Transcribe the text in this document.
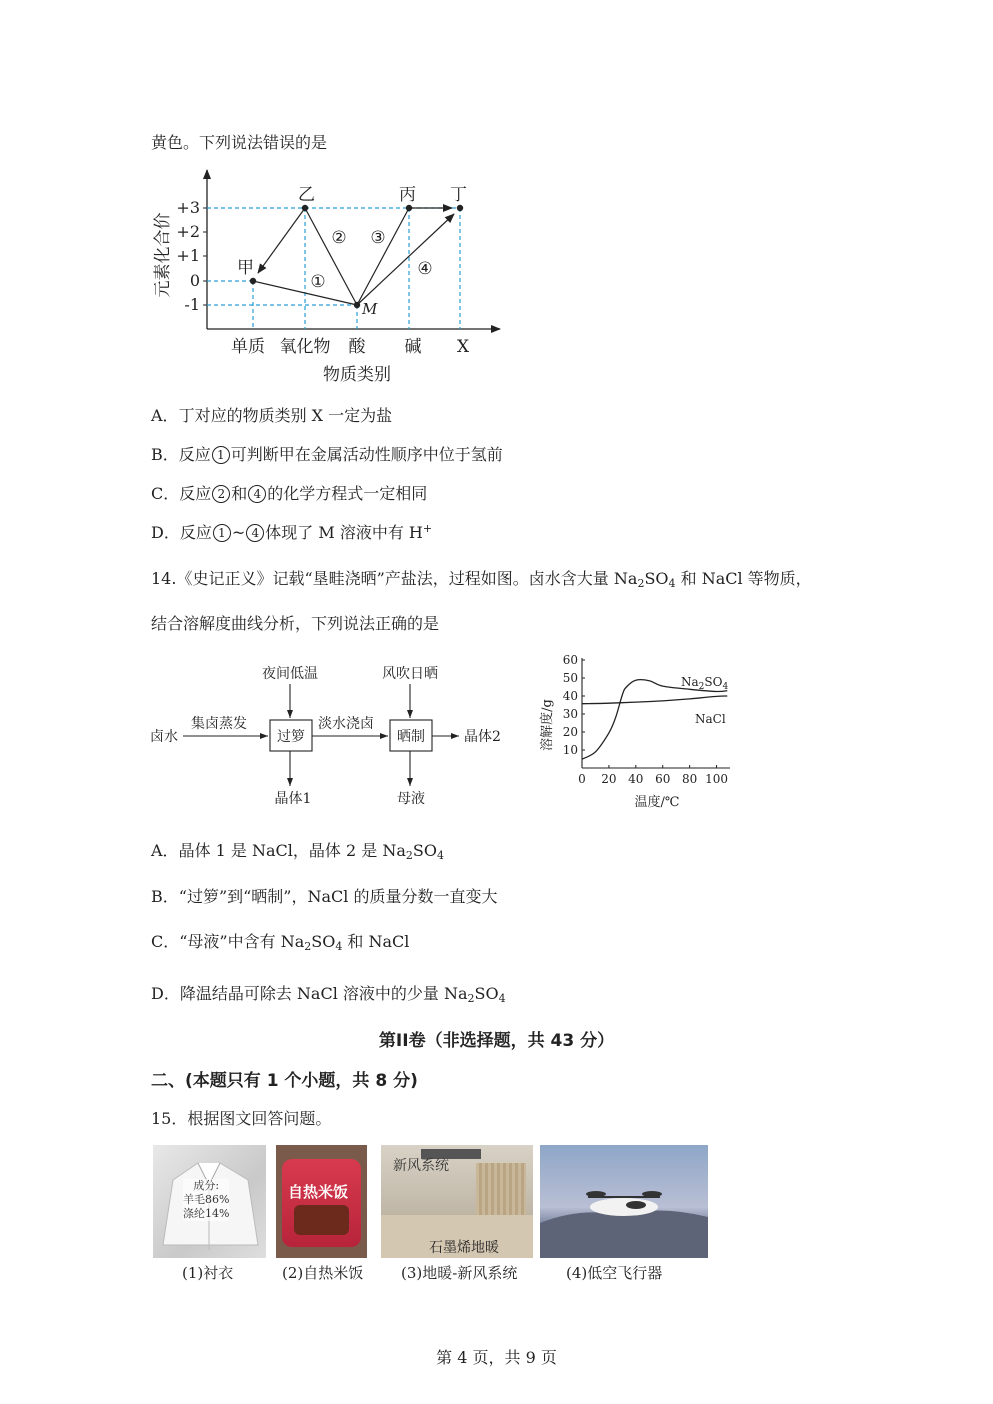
黄色。下列说法错误的是
+3
+2
+1
0
-1
元素化合价
单质 氧化物 酸 碱 X
物质类别
甲
乙	丙 丁
M
①
② ③
④
A．丁对应的物质类别 X 一定为盐
B．反应 1 可判断甲在金属活动性顺序中位于氢前
C．反应 2 和 4 的化学方程式一定相同
D．反应 1 ~ 4 体现了 M 溶液中有 H+
14.《史记正义》记载“垦畦浇晒”产盐法，过程如图。卤水含大量 $Na_2SO_4$ 和 NaCl 等物质，
结合溶解度曲线分析，下列说法正确的是
卤水
集卤蒸发
夜间低温
过箩
晶体1
淡水浇卤
风吹日晒
晒制	晶体2
母液
0 20 40 60 80 100
10
20
30
40
50
60
溶解度/g
温度/℃
$Na_2SO_4$
NaCl
A．晶体 1 是 NaCl，晶体 2 是 $Na_2SO_4$
B．“过箩”到“晒制”，NaCl 的质量分数一直变大
C．“母液”中含有 $Na_2SO_4$ 和 NaCl
D．降温结晶可除去 NaCl 溶液中的少量 $Na_2SO_4$
第II卷（非选择题，共 43 分）
二、(本题只有 1 个小题，共 8 分)
15．根据图文回答问题。
成分:
羊毛86%
涤纶14%
自热米饭
新风系统
石墨烯地暖
(1)衬衣	(2)自热米饭	(3)地暖-新风系统	(4)低空飞行器
第 4 页，共 9 页
